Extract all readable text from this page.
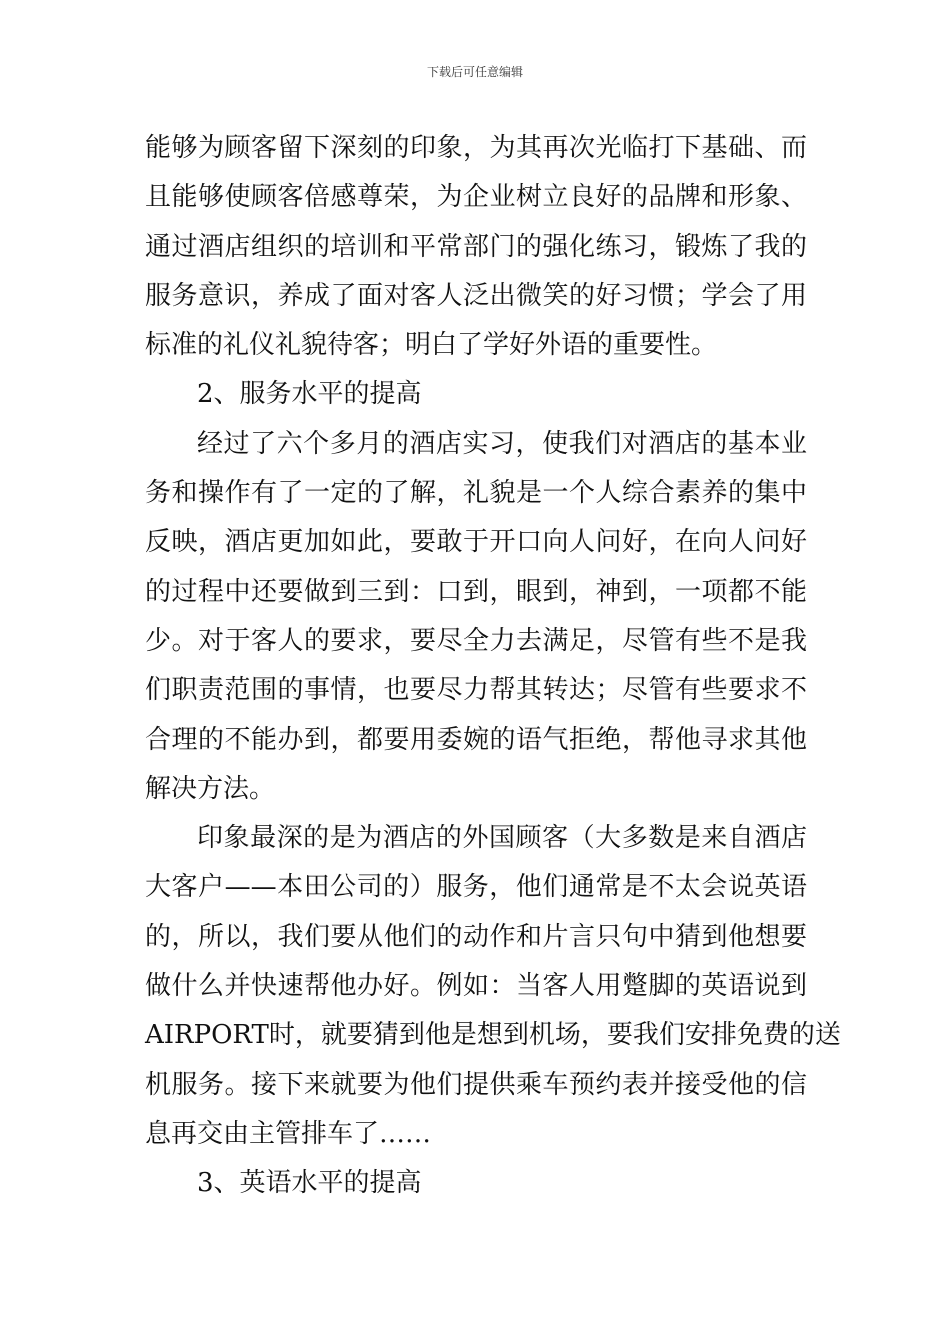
下载后可任意编辑
能够为顾客留下深刻的印象，为其再次光临打下基础、而
且能够使顾客倍感尊荣，为企业树立良好的品牌和形象、
通过酒店组织的培训和平常部门的强化练习，锻炼了我的
服务意识，养成了面对客人泛出微笑的好习惯；学会了用
标准的礼仪礼貌待客；明白了学好外语的重要性。
2、服务水平的提高
经过了六个多月的酒店实习，使我们对酒店的基本业
务和操作有了一定的了解，礼貌是一个人综合素养的集中
反映，酒店更加如此，要敢于开口向人问好，在向人问好
的过程中还要做到三到：口到，眼到，神到，一项都不能
少。对于客人的要求，要尽全力去满足，尽管有些不是我
们职责范围的事情，也要尽力帮其转达；尽管有些要求不
合理的不能办到，都要用委婉的语气拒绝，帮他寻求其他
解决方法。
印象最深的是为酒店的外国顾客（大多数是来自酒店
大客户——本田公司的）服务，他们通常是不太会说英语
的，所以，我们要从他们的动作和片言只句中猜到他想要
做什么并快速帮他办好。例如：当客人用蹩脚的英语说到
AIRPORT时，就要猜到他是想到机场，要我们安排免费的送
机服务。接下来就要为他们提供乘车预约表并接受他的信
息再交由主管排车了……
3、英语水平的提高
